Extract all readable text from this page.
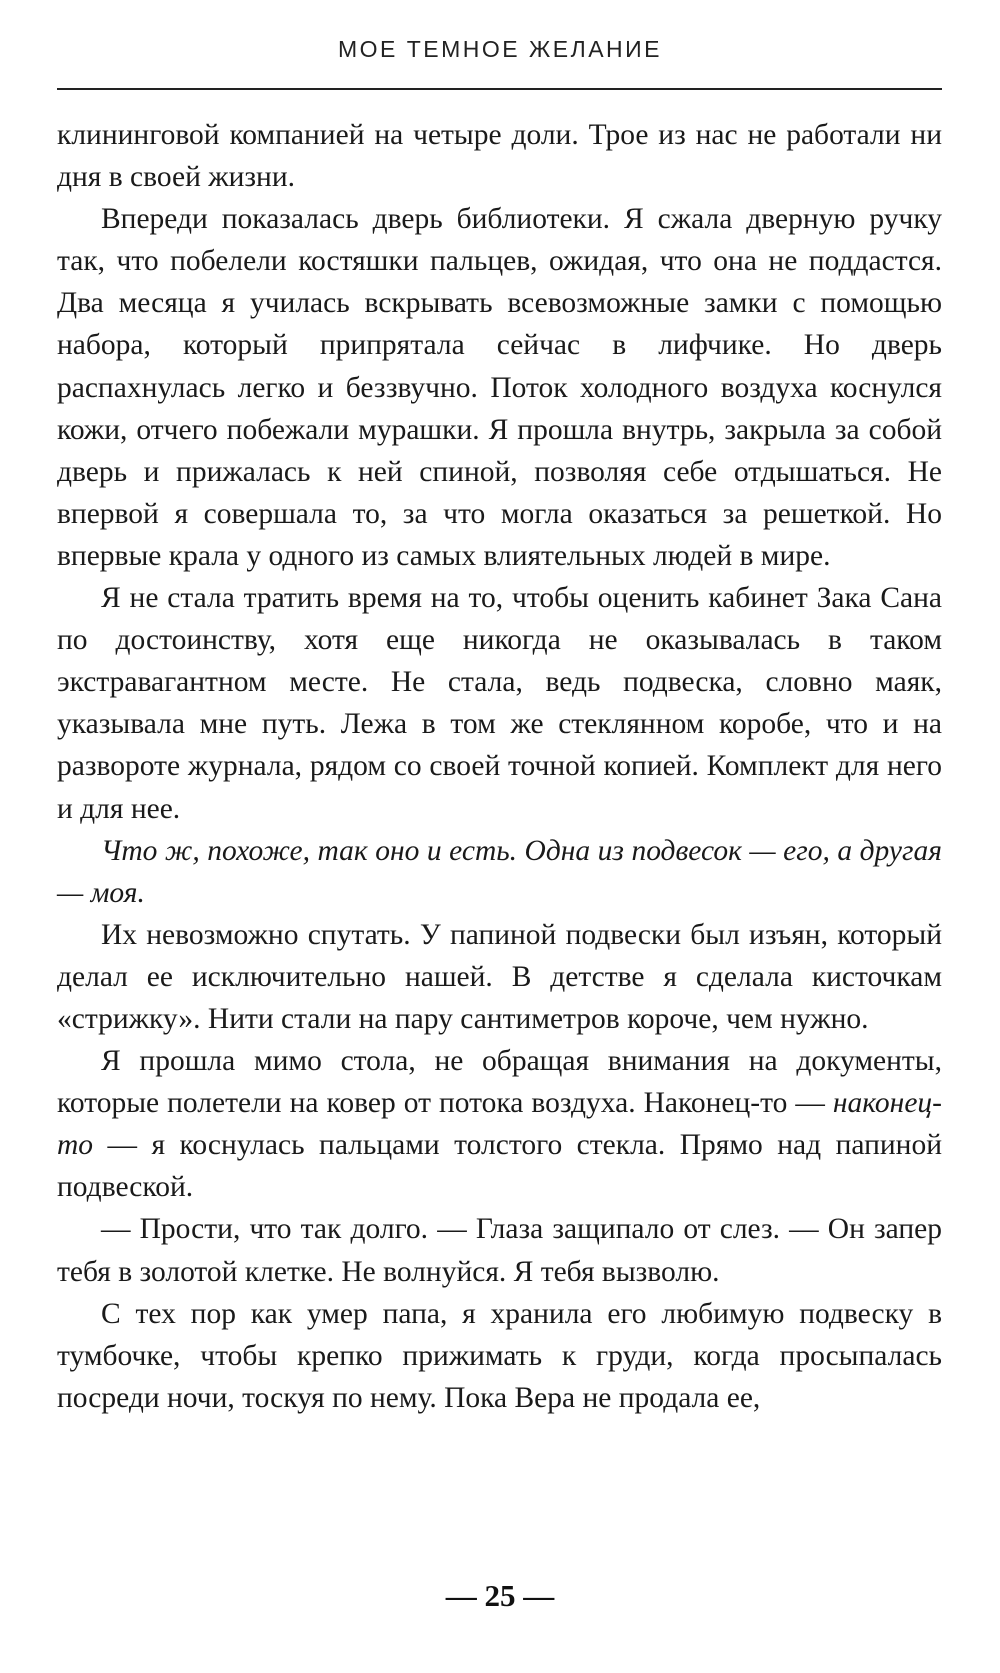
МОЕ ТЕМНОЕ ЖЕЛАНИЕ

клининговой компанией на четыре доли. Трое из нас не работали ни дня в своей жизни.

Впереди показалась дверь библиотеки. Я сжала дверную ручку так, что побелели костяшки пальцев, ожидая, что она не поддастся. Два месяца я училась вскрывать всевозможные замки с помощью набора, который припрятала сейчас в лифчике. Но дверь распахнулась легко и беззвучно. Поток холодного воздуха коснулся кожи, отчего побежали мурашки. Я прошла внутрь, закрыла за собой дверь и прижалась к ней спиной, позволяя себе отдышаться. Не впервой я совершала то, за что могла оказаться за решеткой. Но впервые крала у одного из самых влиятельных людей в мире.

Я не стала тратить время на то, чтобы оценить кабинет Зака Сана по достоинству, хотя еще никогда не оказывалась в таком экстравагантном месте. Не стала, ведь подвеска, словно маяк, указывала мне путь. Лежа в том же стеклянном коробе, что и на развороте журнала, рядом со своей точной копией. Комплект для него и для нее.

Что ж, похоже, так оно и есть. Одна из подвесок — его, а другая — моя.

Их невозможно спутать. У папиной подвески был изъян, который делал ее исключительно нашей. В детстве я сделала кисточкам «стрижку». Нити стали на пару сантиметров короче, чем нужно.

Я прошла мимо стола, не обращая внимания на документы, которые полетели на ковер от потока воздуха. Наконец-то — наконец-то — я коснулась пальцами толстого стекла. Прямо над папиной подвеской.

— Прости, что так долго. — Глаза защипало от слез. — Он запер тебя в золотой клетке. Не волнуйся. Я тебя вызволю.

С тех пор как умер папа, я хранила его любимую подвеску в тумбочке, чтобы крепко прижимать к груди, когда просыпалась посреди ночи, тоскуя по нему. Пока Вера не продала ее,

— 25 —
